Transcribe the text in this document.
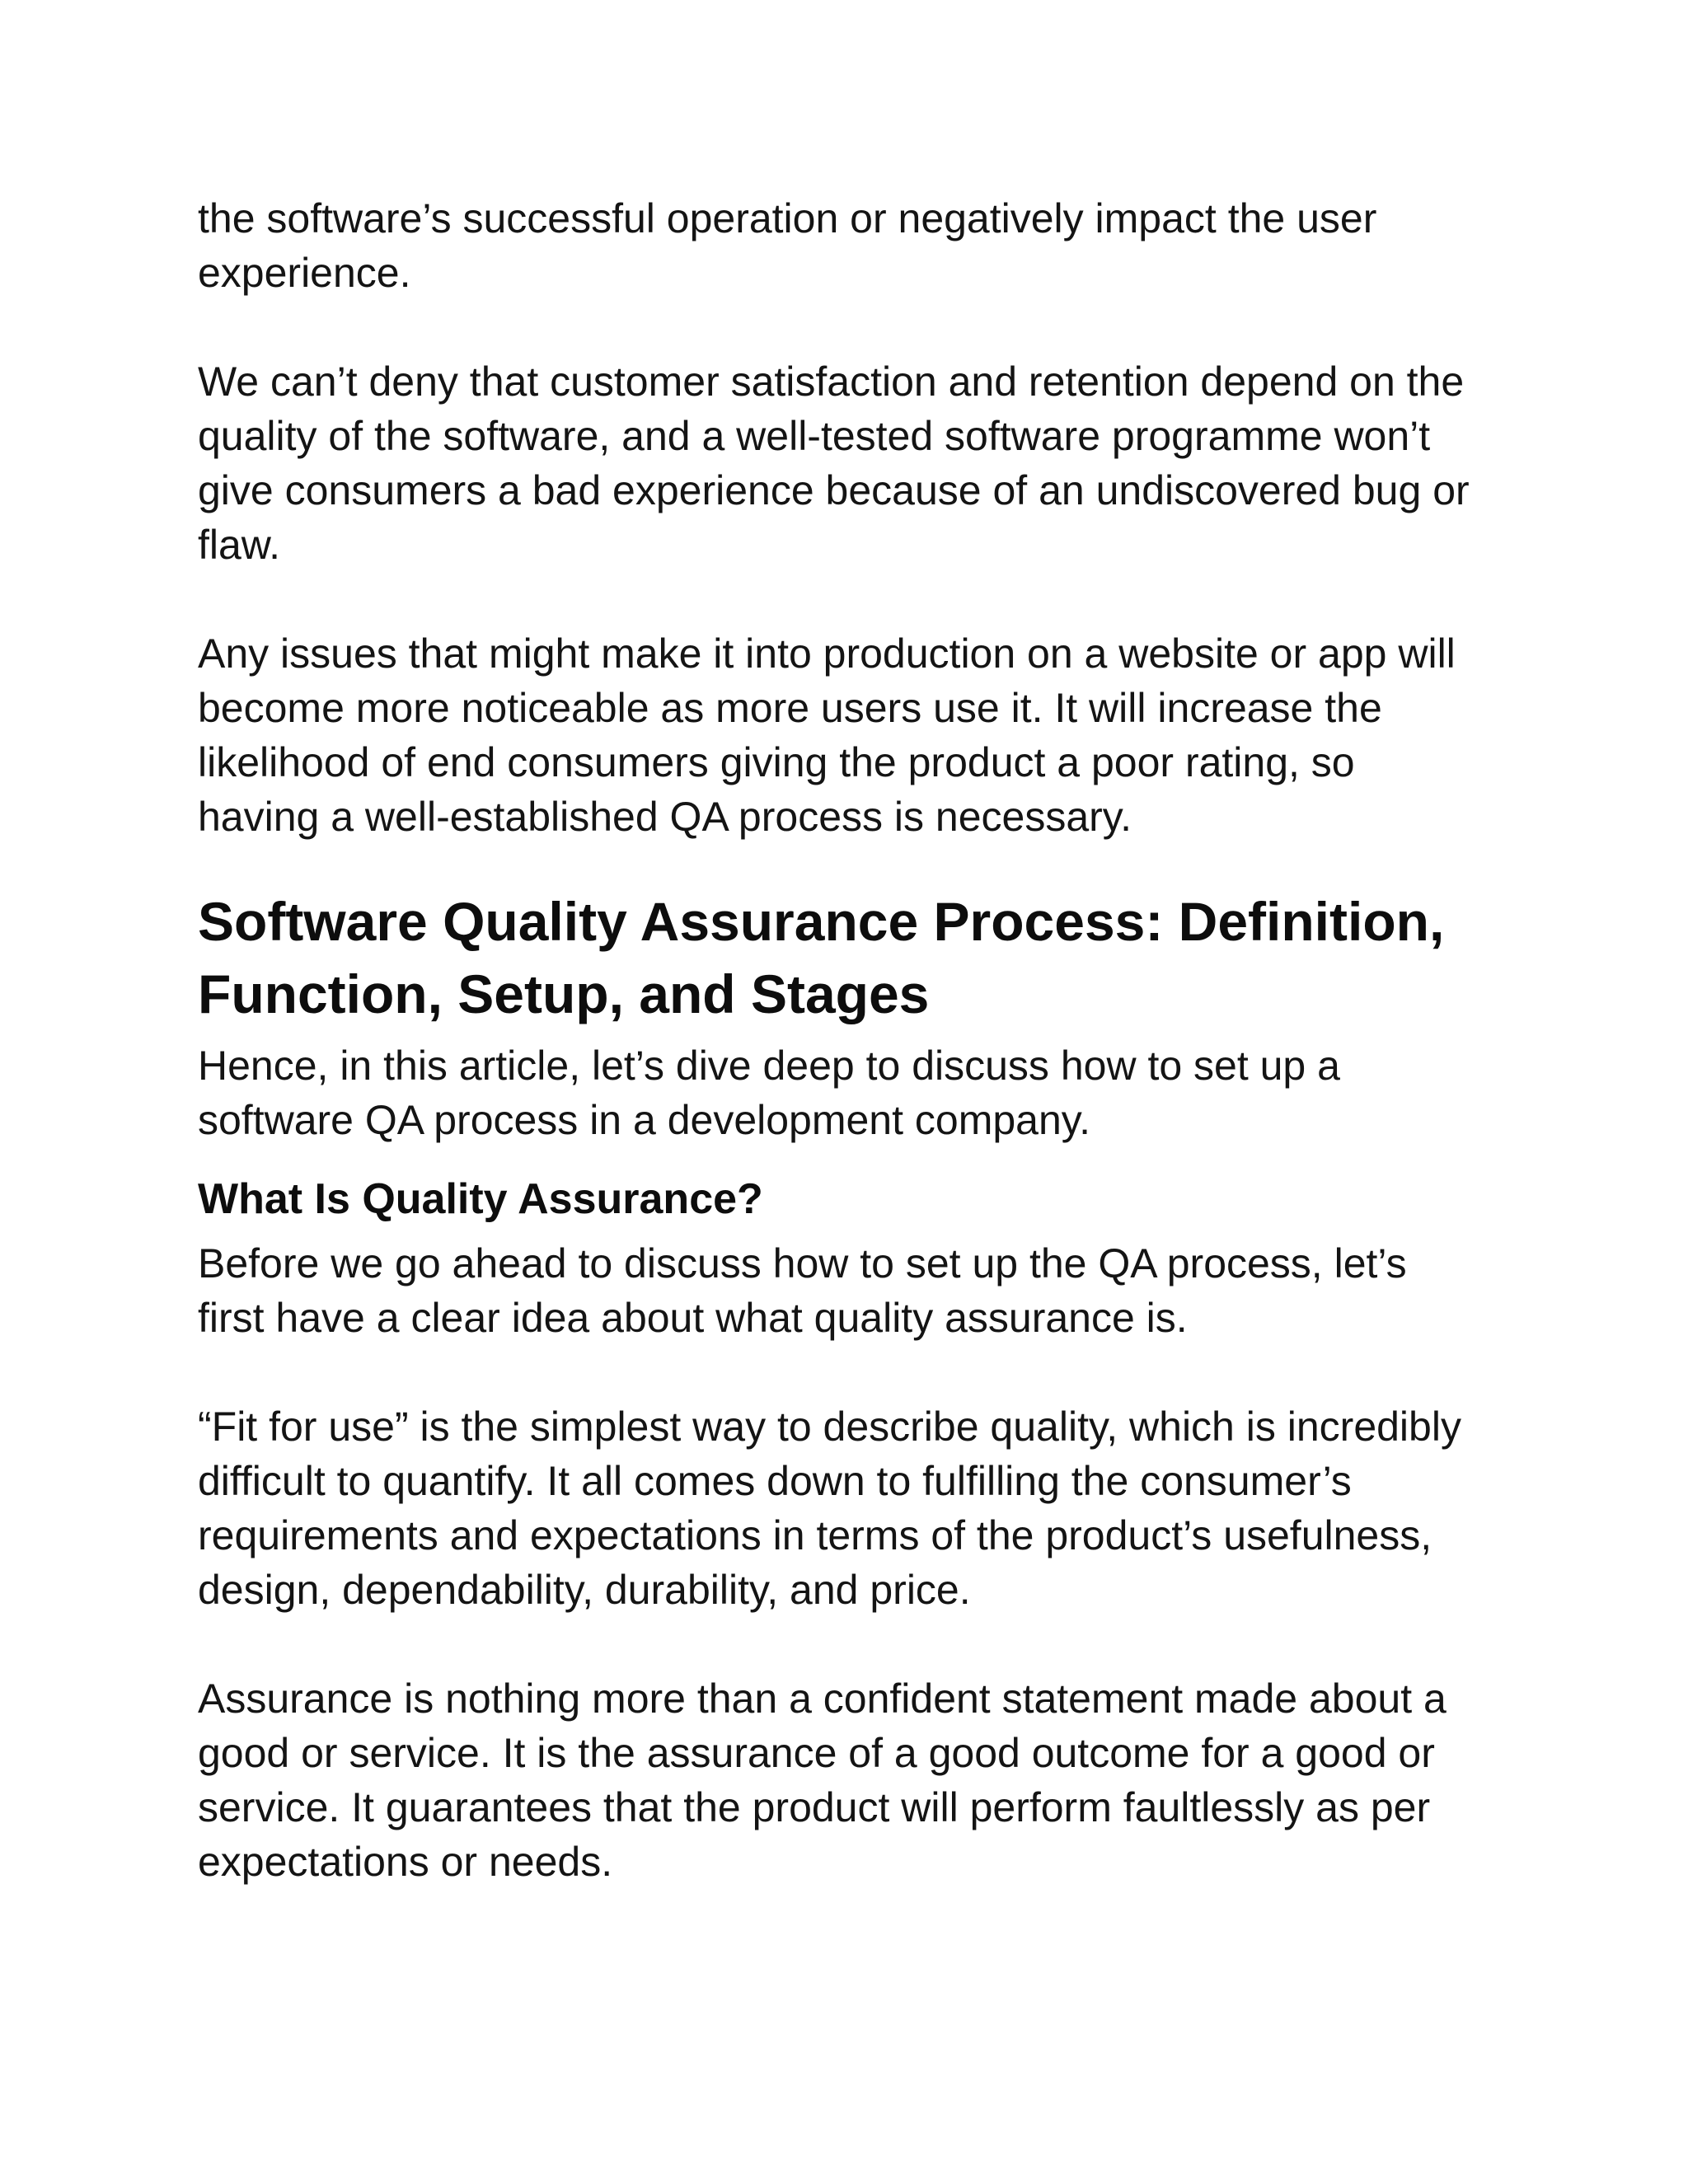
the software’s successful operation or negatively impact the user
experience.

We can’t deny that customer satisfaction and retention depend on the
quality of the software, and a well-tested software programme won’t
give consumers a bad experience because of an undiscovered bug or
flaw.

Any issues that might make it into production on a website or app will
become more noticeable as more users use it. It will increase the
likelihood of end consumers giving the product a poor rating, so
having a well-established QA process is necessary.

Software Quality Assurance Process: Definition,
Function, Setup, and Stages

Hence, in this article, let’s dive deep to discuss how to set up a
software QA process in a development company.

What Is Quality Assurance?

Before we go ahead to discuss how to set up the QA process, let’s
first have a clear idea about what quality assurance is.

“Fit for use” is the simplest way to describe quality, which is incredibly
difficult to quantify. It all comes down to fulfilling the consumer’s
requirements and expectations in terms of the product’s usefulness,
design, dependability, durability, and price.

Assurance is nothing more than a confident statement made about a
good or service. It is the assurance of a good outcome for a good or
service. It guarantees that the product will perform faultlessly as per
expectations or needs.
